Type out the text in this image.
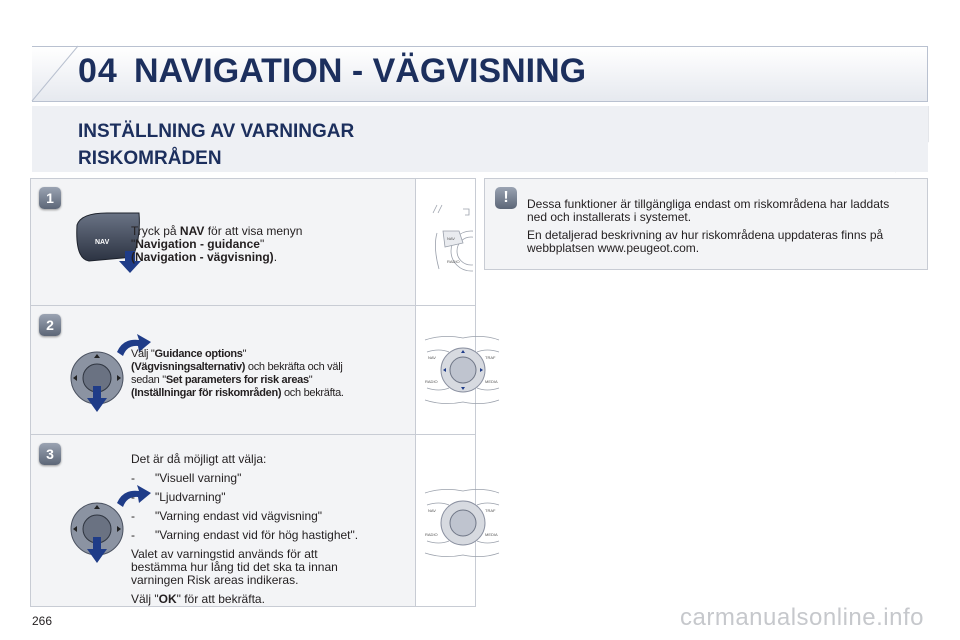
04 NAVIGATION - VÄGVISNING
INSTÄLLNING AV VARNINGAR
RISKOMRÅDEN
1
NAV
Tryck på NAV för att visa menyn
"Navigation - guidance"
(Navigation - vägvisning).
NAV
RADIO
2
Välj "Guidance options"
(Vägvisningsalternativ) och bekräfta och välj
sedan "Set parameters for risk areas"
(Inställningar för riskområden) och bekräfta.
NAV	TRAF
RADIO	MEDIA
3	Det är då möjligt att välja:
-	"Visuell varning"
-	"Ljudvarning"
-	"Varning endast vid vägvisning"
-	"Varning endast vid för hög hastighet".
Valet av varningstid används för att
bestämma hur lång tid det ska ta innan
varningen Risk areas indikeras.
Välj "OK" för att bekräfta.
NAV	TRAF
RADIO	MEDIA
!	Dessa funktioner är tillgängliga endast om riskområdena har laddats
ned och installerats i systemet.

En detaljerad beskrivning av hur riskområdena uppdateras finns på
webbplatsen www.peugeot.com.

266	carmanualsonline.info
